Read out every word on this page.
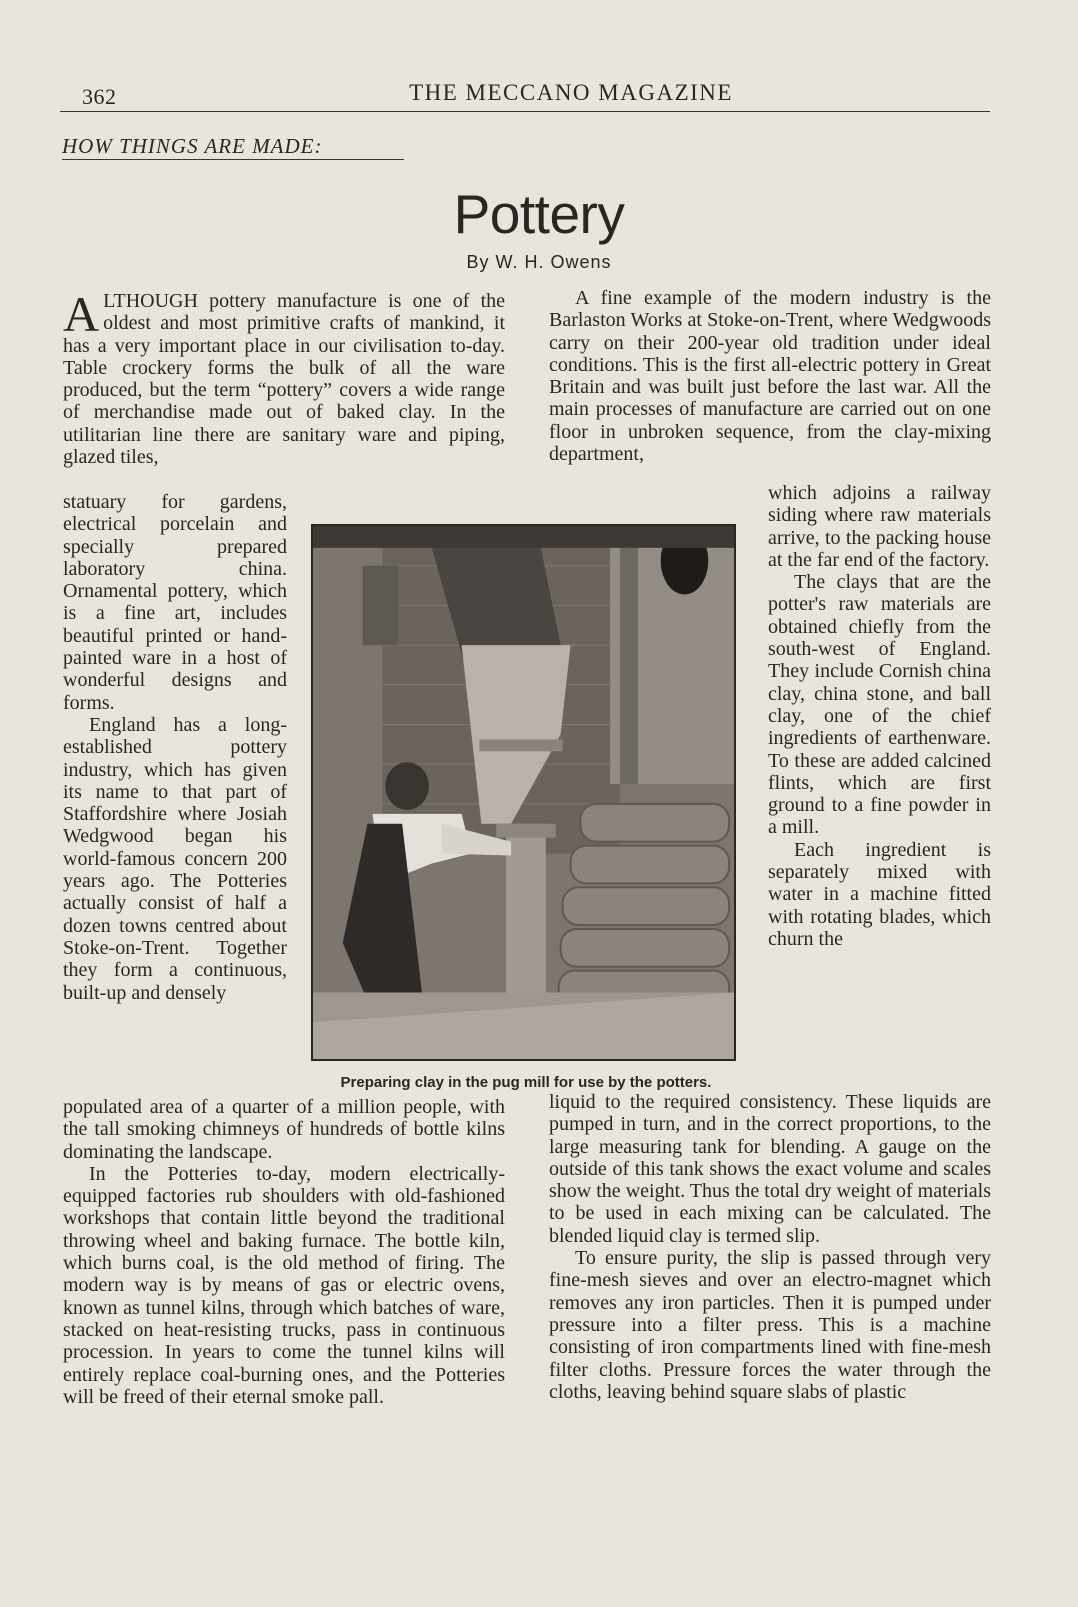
362	THE MECCANO MAGAZINE
HOW THINGS ARE MADE:
Pottery
By W. H. Owens

ALTHOUGH pottery manufacture is one of the oldest and most primitive crafts of mankind, it has a very important place in our civilisation to-day. Table crockery forms the bulk of all the ware produced, but the term “pottery” covers a wide range of merchandise made out of baked clay. In the utilitarian line there are sanitary ware and piping, glazed tiles,

statuary for gardens, electrical porcelain and specially prepared laboratory china. Ornamental pottery, which is a fine art, includes beautiful printed or hand-painted ware in a host of wonderful designs and forms.

England has a long-established pottery industry, which has given its name to that part of Staffordshire where Josiah Wedgwood began his world-famous concern 200 years ago. The Potteries actually consist of half a dozen towns centred about Stoke-on-Trent. Together they form a continuous, built-up and densely

populated area of a quarter of a million people, with the tall smoking chimneys of hundreds of bottle kilns dominating the landscape.

In the Potteries to-day, modern electrically-equipped factories rub shoulders with old-fashioned workshops that contain little beyond the traditional throwing wheel and baking furnace. The bottle kiln, which burns coal, is the old method of firing. The modern way is by means of gas or electric ovens, known as tunnel kilns, through which batches of ware, stacked on heat-resisting trucks, pass in continuous procession. In years to come the tunnel kilns will entirely replace coal-burning ones, and the Potteries will be freed of their eternal smoke pall.

A fine example of the modern industry is the Barlaston Works at Stoke-on-Trent, where Wedgwoods carry on their 200-year old tradition under ideal conditions. This is the first all-electric pottery in Great Britain and was built just before the last war. All the main processes of manufacture are carried out on one floor in unbroken sequence, from the clay-mixing department,

which adjoins a railway siding where raw materials arrive, to the packing house at the far end of the factory.

The clays that are the potter's raw materials are obtained chiefly from the south-west of England. They include Cornish china clay, china stone, and ball clay, one of the chief ingredients of earthenware. To these are added calcined flints, which are first ground to a fine powder in a mill.

Each ingredient is separately mixed with water in a machine fitted with rotating blades, which churn the

liquid to the required consistency. These liquids are pumped in turn, and in the correct proportions, to the large measuring tank for blending. A gauge on the outside of this tank shows the exact volume and scales show the weight. Thus the total dry weight of materials to be used in each mixing can be calculated. The blended liquid clay is termed slip.

To ensure purity, the slip is passed through very fine-mesh sieves and over an electro-magnet which removes any iron particles. Then it is pumped under pressure into a filter press. This is a machine consisting of iron compartments lined with fine-mesh filter cloths. Pressure forces the water through the cloths, leaving behind square slabs of plastic

Preparing clay in the pug mill for use by the potters.
